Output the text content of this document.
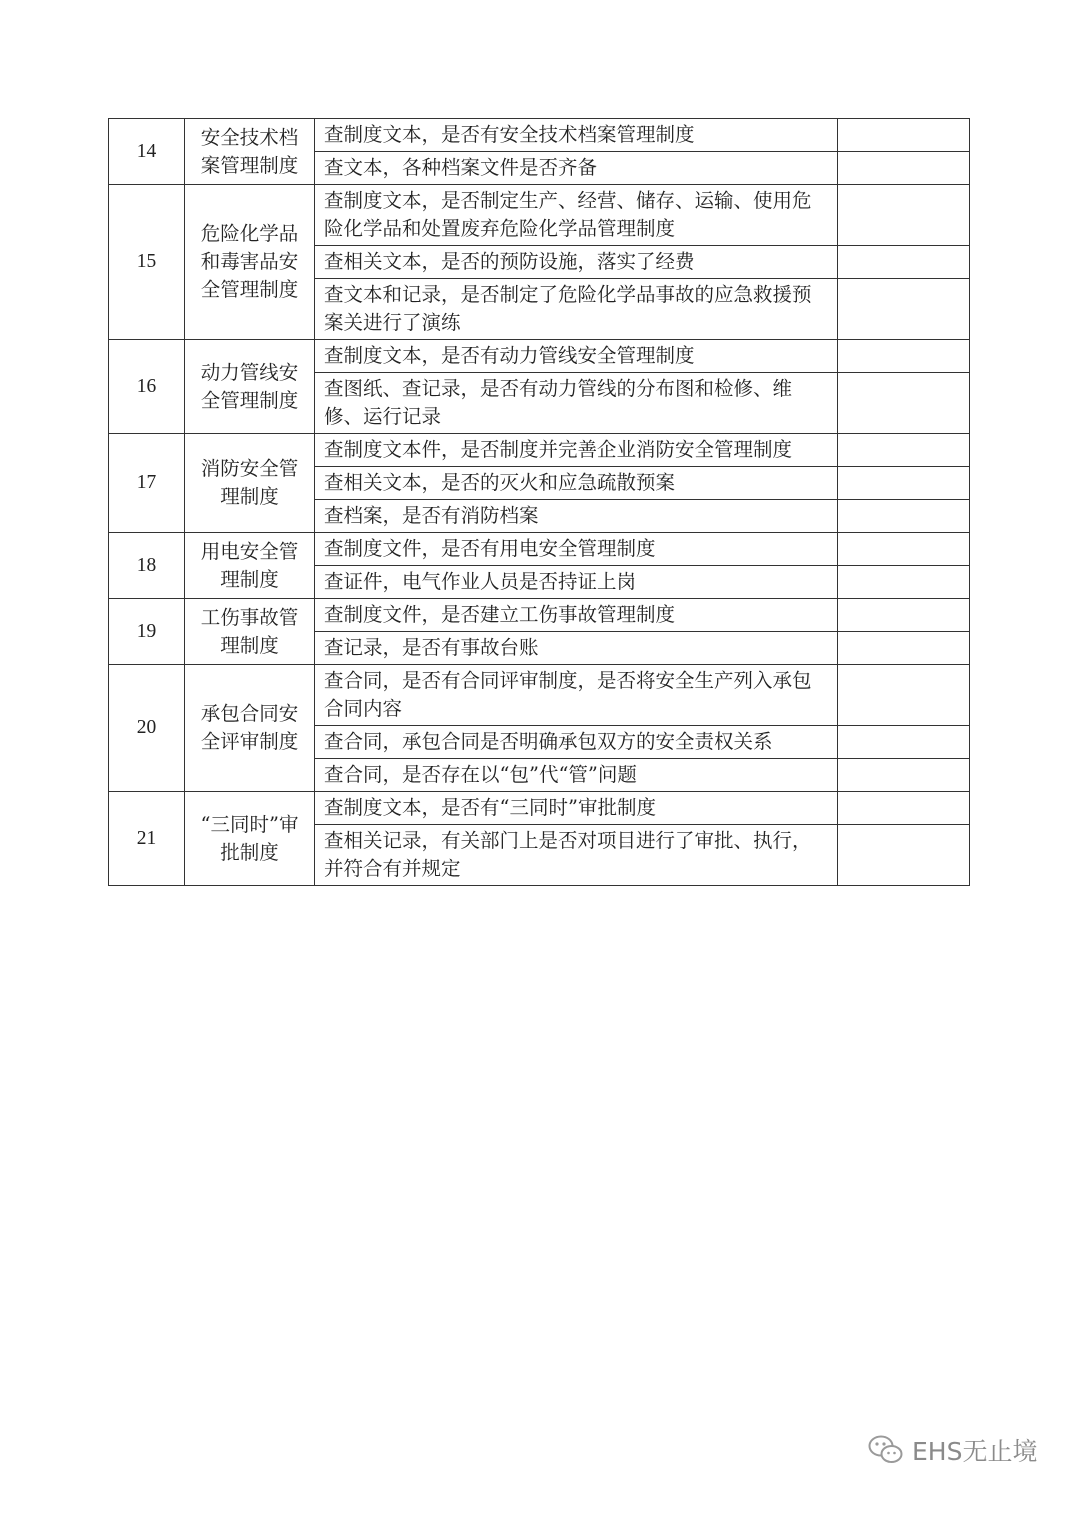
14	安全技术档案管理制度	查制度文本，是否有安全技术档案管理制度	
		查文本，各种档案文件是否齐备	
15	危险化学品和毒害品安全管理制度	查制度文本，是否制定生产、经营、储存、运输、使用危险化学品和处置废弃危险化学品管理制度	
		查相关文本，是否的预防设施，落实了经费	
		查文本和记录，是否制定了危险化学品事故的应急救援预案关进行了演练	
16	动力管线安全管理制度	查制度文本，是否有动力管线安全管理制度	
		查图纸、查记录，是否有动力管线的分布图和检修、维修、运行记录	
17	消防安全管理制度	查制度文本件，是否制度并完善企业消防安全管理制度	
		查相关文本，是否的灭火和应急疏散预案	
		查档案，是否有消防档案	
18	用电安全管理制度	查制度文件，是否有用电安全管理制度	
		查证件，电气作业人员是否持证上岗	
19	工伤事故管理制度	查制度文件，是否建立工伤事故管理制度	
		查记录，是否有事故台账	
20	承包合同安全评审制度	查合同，是否有合同评审制度，是否将安全生产列入承包合同内容	
		查合同，承包合同是否明确承包双方的安全责权关系	
		查合同，是否存在以“包”代“管”问题	
21	“三同时”审批制度	查制度文本，是否有“三同时”审批制度	
		查相关记录，有关部门上是否对项目进行了审批、执行，并符合有并规定	
EHS无止境
